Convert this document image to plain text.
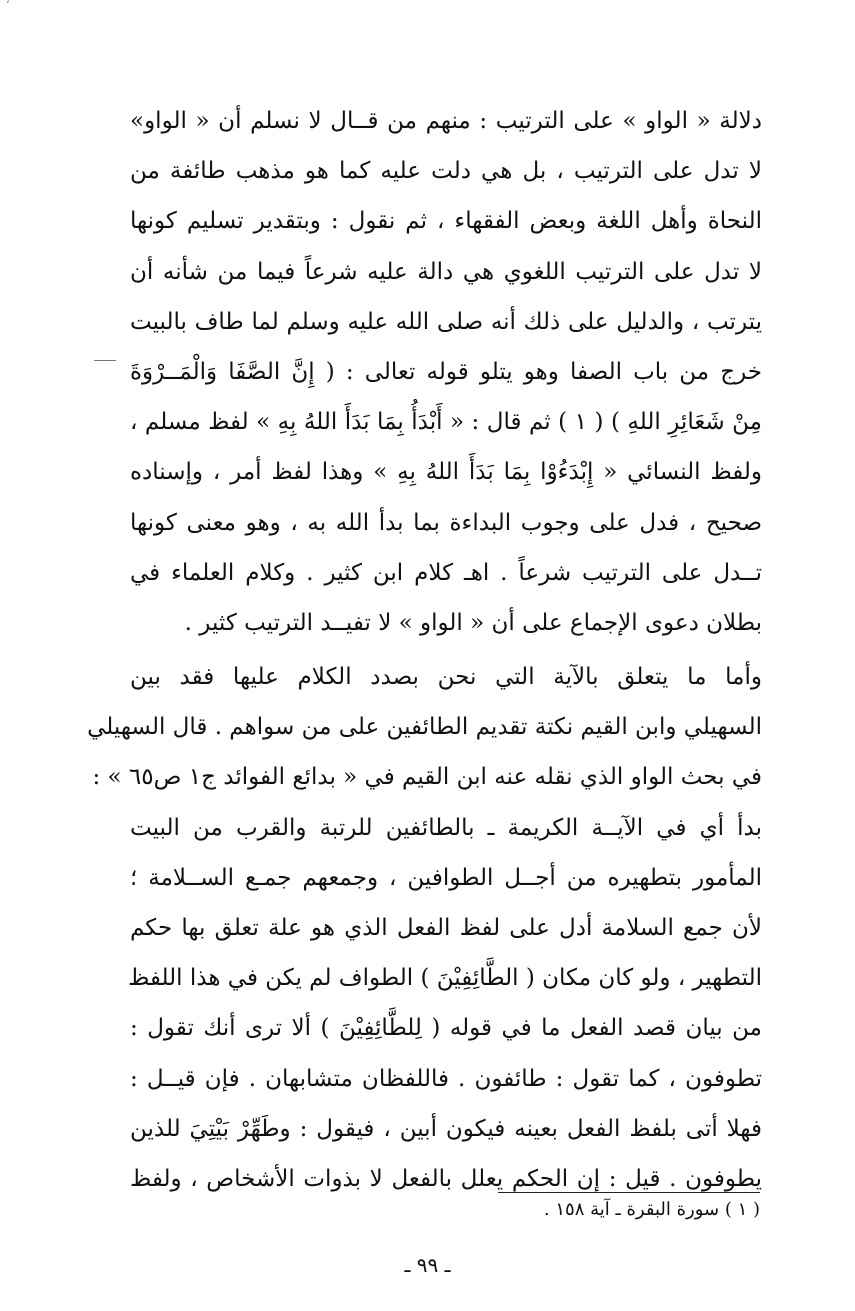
ʼ
دلالة « الواو » على الترتيب : منهم من قــال لا نسلم أن « الواو»
لا تدل على الترتيب ، بل هي دلت عليه كما هو مذهب طائفة من
النحاة وأهل اللغة وبعض الفقهاء ، ثم نقول : وبتقدير تسليم كونها
لا تدل على الترتيب اللغوي هي دالة عليه شرعاً فيما من شأنه أن
يترتب ، والدليل على ذلك أنه صلى الله عليه وسلم لما طاف بالبيت
خرج من باب الصفا وهو يتلو قوله تعالى : ( إِنَّ الصَّفَا وَالْمَــرْوَةَ
مِنْ شَعَائِرِ اللهِ ) ( ١ ) ثم قال : « أَبْدَأُ بِمَا بَدَأَ اللهُ بِهِ » لفظ مسلم ،
ولفظ النسائي « إِبْدَءُوْا بِمَا بَدَأَ اللهُ بِهِ » وهذا لفظ أمر ، وإسناده
صحيح ، فدل على وجوب البداءة بما بدأ الله به ، وهو معنى كونها
تــدل على الترتيب شرعاً . اهـ كلام ابن كثير . وكلام العلماء في
بطلان دعوى الإجماع على أن « الواو » لا تفيــد الترتيب كثير .
وأما ما يتعلق بالآية التي نحن بصدد الكلام عليها فقد بين
السهيلي وابن القيم نكتة تقديم الطائفين على من سواهم . قال السهيلي
في بحث الواو الذي نقله عنه ابن القيم في « بدائع الفوائد ج١ ص٦٥ » :
بدأ أي في الآيــة الكريمة ـ بالطائفين للرتبة والقرب من البيت
المأمور بتطهيره من أجــل الطوافين ، وجمعهم جمـع الســلامة ؛
لأن جمع السلامة أدل على لفظ الفعل الذي هو علة تعلق بها حكم
التطهير ، ولو كان مكان ( الطَّائِفِيْنَ ) الطواف لم يكن في هذا اللفظ
من بيان قصد الفعل ما في قوله ( لِلطَّائِفِيْنَ ) ألا ترى أنك تقول :
تطوفون ، كما تقول : طائفون . فاللفظان متشابهان . فإن قيــل :
فهلا أتى بلفظ الفعل بعينه فيكون أبين ، فيقول : وطَهِّرْ بَيْتِيَ للذين
يطوفون . قيل : إن الحكم يعلل بالفعل لا بذوات الأشخاص ، ولفظ
( ١ ) سورة البقرة ـ آية ١٥٨ .
ـ ٩٩ ـ
